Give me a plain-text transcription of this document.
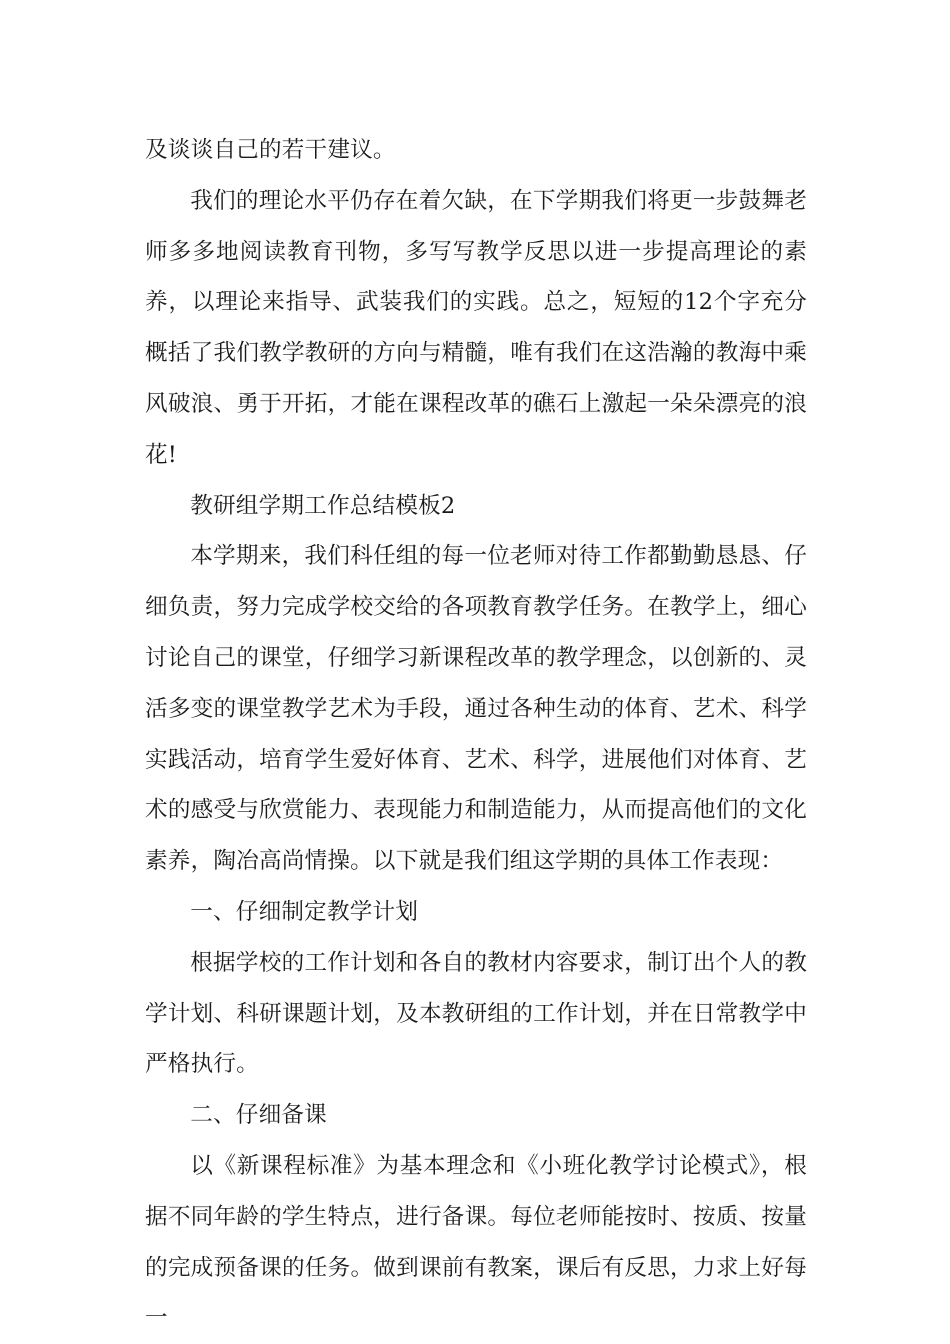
及谈谈自己的若干建议。

我们的理论水平仍存在着欠缺，在下学期我们将更一步鼓舞老师多多地阅读教育刊物，多写写教学反思以进一步提高理论的素养，以理论来指导、武装我们的实践。总之，短短的12个字充分概括了我们教学教研的方向与精髓，唯有我们在这浩瀚的教海中乘风破浪、勇于开拓，才能在课程改革的礁石上激起一朵朵漂亮的浪花!

教研组学期工作总结模板2

本学期来，我们科任组的每一位老师对待工作都勤勤恳恳、仔细负责，努力完成学校交给的各项教育教学任务。在教学上，细心讨论自己的课堂，仔细学习新课程改革的教学理念，以创新的、灵活多变的课堂教学艺术为手段，通过各种生动的体育、艺术、科学实践活动，培育学生爱好体育、艺术、科学，进展他们对体育、艺术的感受与欣赏能力、表现能力和制造能力，从而提高他们的文化素养，陶冶高尚情操。以下就是我们组这学期的具体工作表现：

一、仔细制定教学计划

根据学校的工作计划和各自的教材内容要求，制订出个人的教学计划、科研课题计划，及本教研组的工作计划，并在日常教学中严格执行。

二、仔细备课

以《新课程标准》为基本理念和《小班化教学讨论模式》，根据不同年龄的学生特点，进行备课。每位老师能按时、按质、按量的完成预备课的任务。做到课前有教案，课后有反思，力求上好每一
